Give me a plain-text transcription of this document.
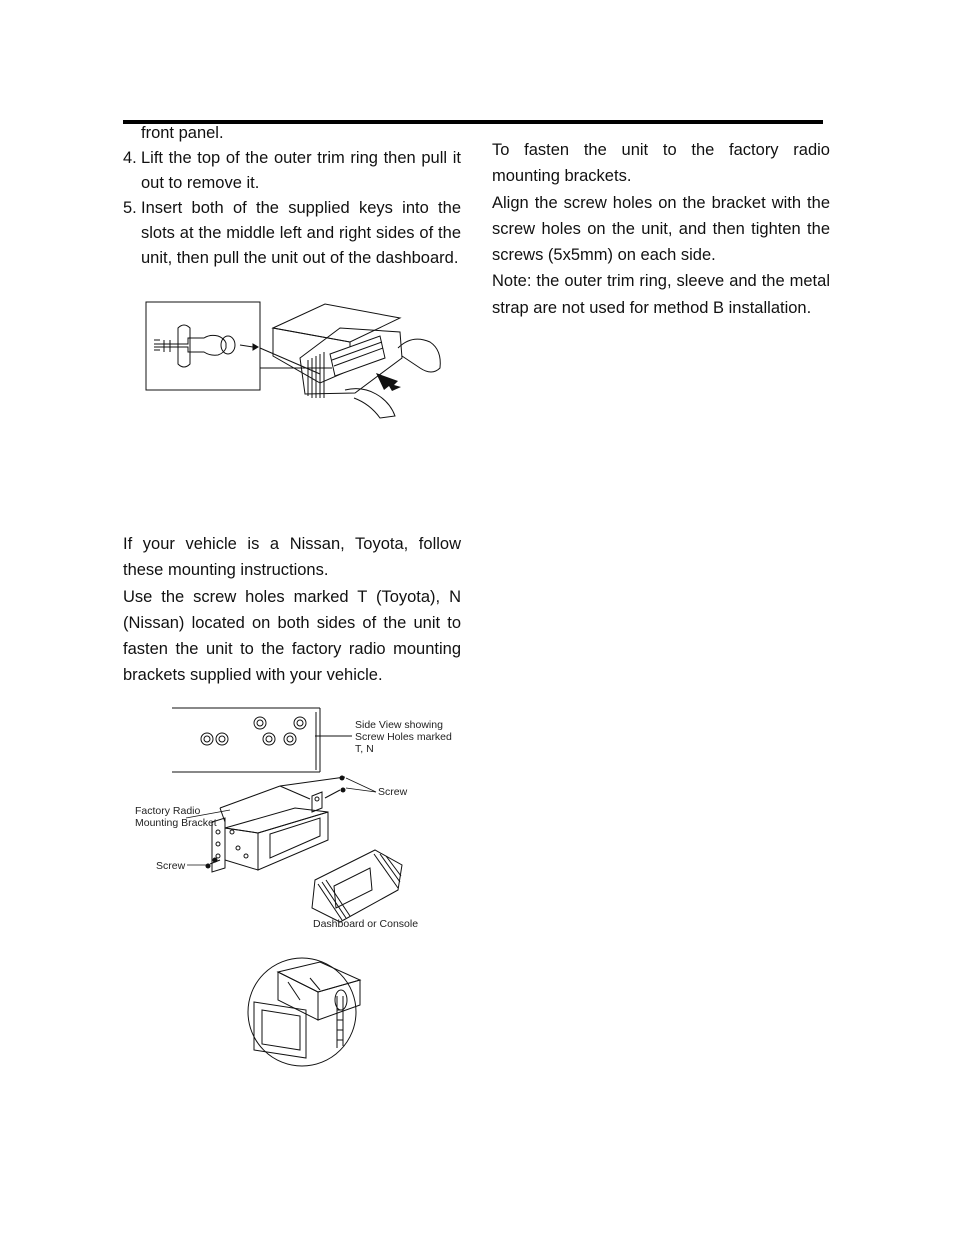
front panel.
4. Lift the top of the outer trim ring then pull it out to remove it.
5. Insert both of the supplied keys into the slots at the middle left and right sides of the unit, then pull the unit out of the dashboard.

If your vehicle is a Nissan, Toyota, follow these mounting instructions.

Use the screw holes marked T (Toyota), N (Nissan) located on both sides of the unit to fasten the unit to the factory radio mounting brackets supplied with your vehicle.

To fasten the unit to the factory radio mounting brackets.

Align the screw holes on the bracket with the screw holes on the unit, and then tighten the screws (5x5mm) on each side.

Note: the outer trim ring, sleeve and the metal strap are not used for method B installation.

Side View showing
Screw Holes marked
T, N
Screw
Factory Radio
Mounting Bracket
Screw
Dashboard or Console
